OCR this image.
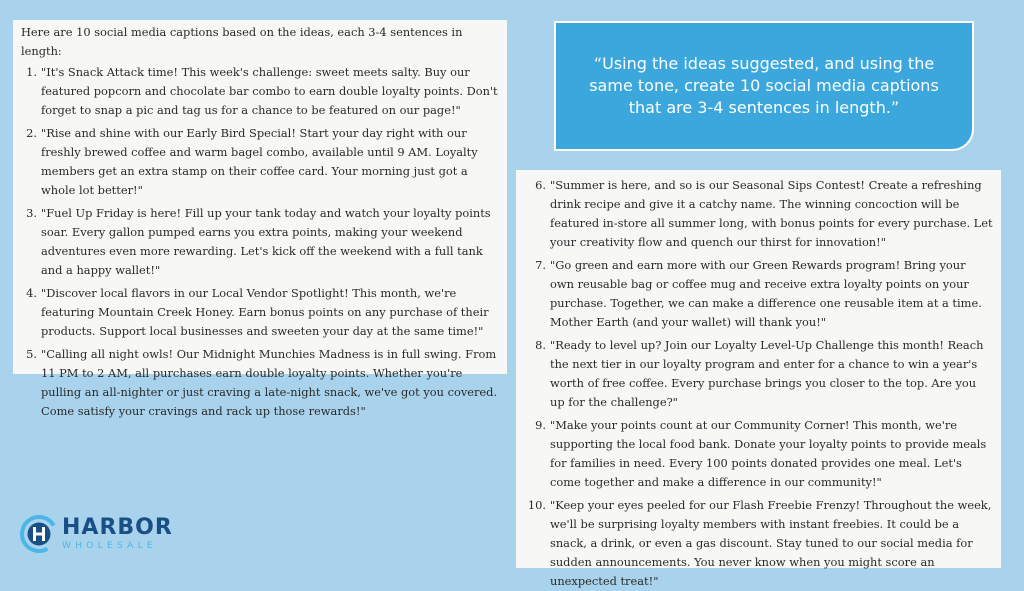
Here are 10 social media captions based on the ideas, each 3-4 sentences in length:

1. "It's Snack Attack time! This week's challenge: sweet meets salty. Buy our featured popcorn and chocolate bar combo to earn double loyalty points. Don't forget to snap a pic and tag us for a chance to be featured on our page!"
2. "Rise and shine with our Early Bird Special! Start your day right with our freshly brewed coffee and warm bagel combo, available until 9 AM. Loyalty members get an extra stamp on their coffee card. Your morning just got a whole lot better!"
3. "Fuel Up Friday is here! Fill up your tank today and watch your loyalty points soar. Every gallon pumped earns you extra points, making your weekend adventures even more rewarding. Let's kick off the weekend with a full tank and a happy wallet!"
4. "Discover local flavors in our Local Vendor Spotlight! This month, we're featuring Mountain Creek Honey. Earn bonus points on any purchase of their products. Support local businesses and sweeten your day at the same time!"
5. "Calling all night owls! Our Midnight Munchies Madness is in full swing. From 11 PM to 2 AM, all purchases earn double loyalty points. Whether you're pulling an all-nighter or just craving a late-night snack, we've got you covered. Come satisfy your cravings and rack up those rewards!"
“Using the ideas suggested, and using the same tone, create 10 social media captions that are 3-4 sentences in length.”
6. "Summer is here, and so is our Seasonal Sips Contest! Create a refreshing drink recipe and give it a catchy name. The winning concoction will be featured in-store all summer long, with bonus points for every purchase. Let your creativity flow and quench our thirst for innovation!"
7. "Go green and earn more with our Green Rewards program! Bring your own reusable bag or coffee mug and receive extra loyalty points on your purchase. Together, we can make a difference one reusable item at a time. Mother Earth (and your wallet) will thank you!"
8. "Ready to level up? Join our Loyalty Level-Up Challenge this month! Reach the next tier in our loyalty program and enter for a chance to win a year's worth of free coffee. Every purchase brings you closer to the top. Are you up for the challenge?"
9. "Make your points count at our Community Corner! This month, we're supporting the local food bank. Donate your loyalty points to provide meals for families in need. Every 100 points donated provides one meal. Let's come together and make a difference in our community!"
10. "Keep your eyes peeled for our Flash Freebie Frenzy! Throughout the week, we'll be surprising loyalty members with instant freebies. It could be a snack, a drink, or even a gas discount. Stay tuned to our social media for sudden announcements. You never know when you might score an unexpected treat!"
HARBOR
WHOLESALE
